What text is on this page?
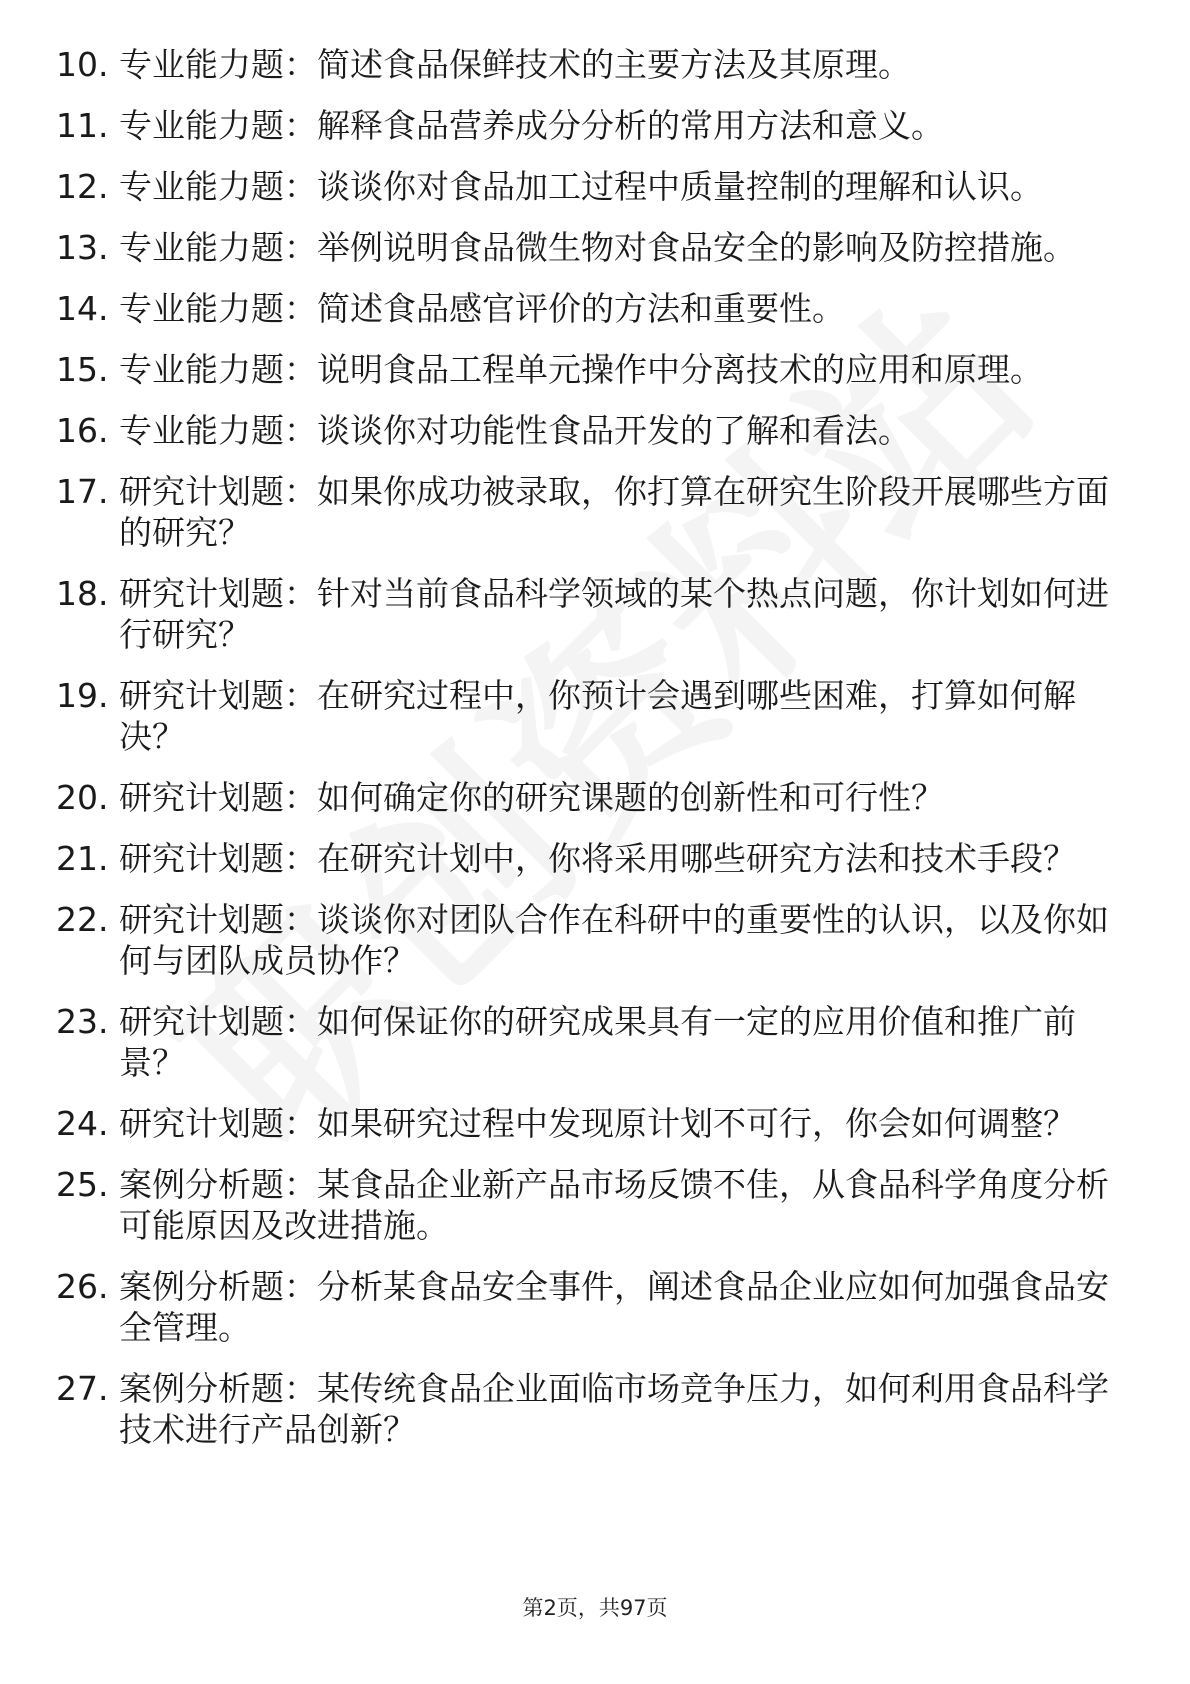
10. 专业能力题：简述食品保鲜技术的主要方法及其原理。
11. 专业能力题：解释食品营养成分分析的常用方法和意义。
12. 专业能力题：谈谈你对食品加工过程中质量控制的理解和认识。
13. 专业能力题：举例说明食品微生物对食品安全的影响及防控措施。
14. 专业能力题：简述食品感官评价的方法和重要性。
15. 专业能力题：说明食品工程单元操作中分离技术的应用和原理。
16. 专业能力题：谈谈你对功能性食品开发的了解和看法。
17. 研究计划题：如果你成功被录取，你打算在研究生阶段开展哪些方面的研究？
18. 研究计划题：针对当前食品科学领域的某个热点问题，你计划如何进行研究？
19. 研究计划题：在研究过程中，你预计会遇到哪些困难，打算如何解决？
20. 研究计划题：如何确定你的研究课题的创新性和可行性？
21. 研究计划题：在研究计划中，你将采用哪些研究方法和技术手段？
22. 研究计划题：谈谈你对团队合作在科研中的重要性的认识，以及你如何与团队成员协作？
23. 研究计划题：如何保证你的研究成果具有一定的应用价值和推广前景？
24. 研究计划题：如果研究过程中发现原计划不可行，你会如何调整？
25. 案例分析题：某食品企业新产品市场反馈不佳，从食品科学角度分析可能原因及改进措施。
26. 案例分析题：分析某食品安全事件，阐述食品企业应如何加强食品安全管理。
27. 案例分析题：某传统食品企业面临市场竞争压力，如何利用食品科学技术进行产品创新？
第2页，共97页
